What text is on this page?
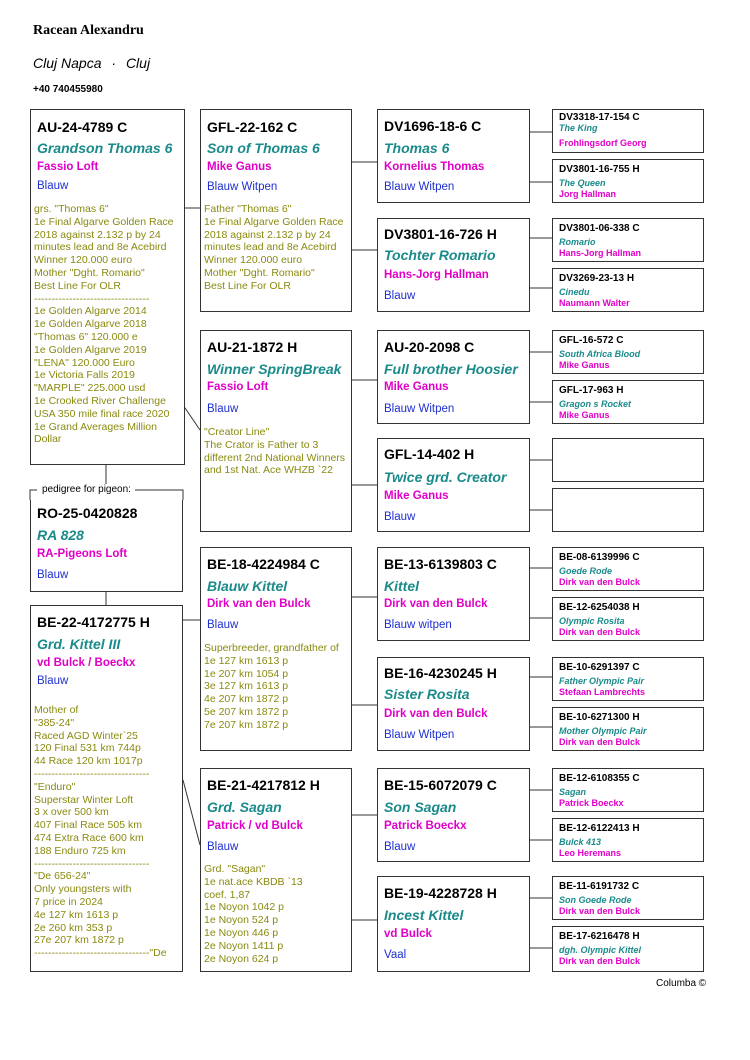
Racean Alexandru
Cluj Napca · Cluj
+40 740455980
AU-24-4789 C
Grandson Thomas 6
Fassio Loft
Blauw
grs. "Thomas 6"
1e Final Algarve Golden Race 2018 against 2.132 p by 24 minutes lead and 8e Acebird
Winner 120.000 euro
Mother "Dght. Romario"
Best Line For OLR
---------------------------------
1e Golden Algarve 2014
1e Golden Algarve 2018
"Thomas 6" 120.000 e
1e Golden Algarve 2019
"LENA" 120.000 Euro
1e Victoria Falls 2019
"MARPLE" 225.000 usd
1e Crooked River Challenge USA 350 mile final race 2020 1e Grand Averages Million Dollar
pedigree for pigeon:
RO-25-0420828
RA 828
RA-Pigeons Loft
Blauw
BE-22-4172775 H
Grd. Kittel III
vd Bulck / Boeckx
Blauw
Mother of
"385-24"
Raced AGD Winter`25
120 Final 531 km 744p
44 Race 120 km 1017p
---------------------------------
"Enduro"
Superstar Winter Loft
3 x over 500 km
407 Final Race 505 km
474 Extra Race 600 km
188 Enduro 725 km
---------------------------------
"De 656-24"
Only youngsters with
7 price in 2024
4e 127 km 1613 p
2e 260 km 353 p
27e 207 km 1872 p
---------------------------------"De
GFL-22-162 C
Son of Thomas 6
Mike Ganus
Blauw Witpen
Father "Thomas 6"
1e Final Algarve Golden Race 2018 against 2.132 p by 24 minutes lead and 8e Acebird
Winner 120.000 euro
Mother "Dght. Romario"
Best Line For OLR
AU-21-1872 H
Winner SpringBreak
Fassio Loft
Blauw
"Creator Line"
The Crator is Father to 3 different 2nd National Winners and 1st Nat. Ace WHZB `22
BE-18-4224984 C
Blauw Kittel
Dirk van den Bulck
Blauw
Superbreeder, grandfather of
1e 127 km 1613 p
1e 207 km 1054 p
3e 127 km 1613 p
4e 207 km 1872 p
5e 207 km 1872 p
7e 207 km 1872 p
BE-21-4217812 H
Grd. Sagan
Patrick / vd Bulck
Blauw
Grd. "Sagan"
1e nat.ace KBDB `13
coef. 1,87
1e Noyon 1042 p
1e Noyon 524 p
1e Noyon 446 p
2e Noyon 1411 p
2e Noyon 624 p
DV1696-18-6 C
Thomas 6
Kornelius Thomas
Blauw Witpen
DV3801-16-726 H
Tochter Romario
Hans-Jorg Hallman
Blauw
AU-20-2098 C
Full brother Hoosier
Mike Ganus
Blauw Witpen
GFL-14-402 H
Twice grd. Creator
Mike Ganus
Blauw
BE-13-6139803 C
Kittel
Dirk van den Bulck
Blauw witpen
BE-16-4230245 H
Sister Rosita
Dirk van den Bulck
Blauw Witpen
BE-15-6072079 C
Son Sagan
Patrick Boeckx
Blauw
BE-19-4228728 H
Incest Kittel
vd Bulck
Vaal
DV3318-17-154 C
The King
Frohlingsdorf Georg
DV3801-16-755 H
The Queen
Jorg Hallman
DV3801-06-338 C
Romario
Hans-Jorg Hallman
DV3269-23-13 H
Cinedu
Naumann Walter
GFL-16-572 C
South Africa Blood
Mike Ganus
GFL-17-963 H
Gragon s Rocket
Mike Ganus
BE-08-6139996 C
Goede Rode
Dirk van den Bulck
BE-12-6254038 H
Olympic Rosita
Dirk van den Bulck
BE-10-6291397 C
Father Olympic Pair
Stefaan Lambrechts
BE-10-6271300 H
Mother Olympic Pair
Dirk van den Bulck
BE-12-6108355 C
Sagan
Patrick Boeckx
BE-12-6122413 H
Bulck 413
Leo Heremans
BE-11-6191732 C
Son Goede Rode
Dirk van den Bulck
BE-17-6216478 H
dgh. Olympic Kittel
Dirk van den Bulck
Columba ©
